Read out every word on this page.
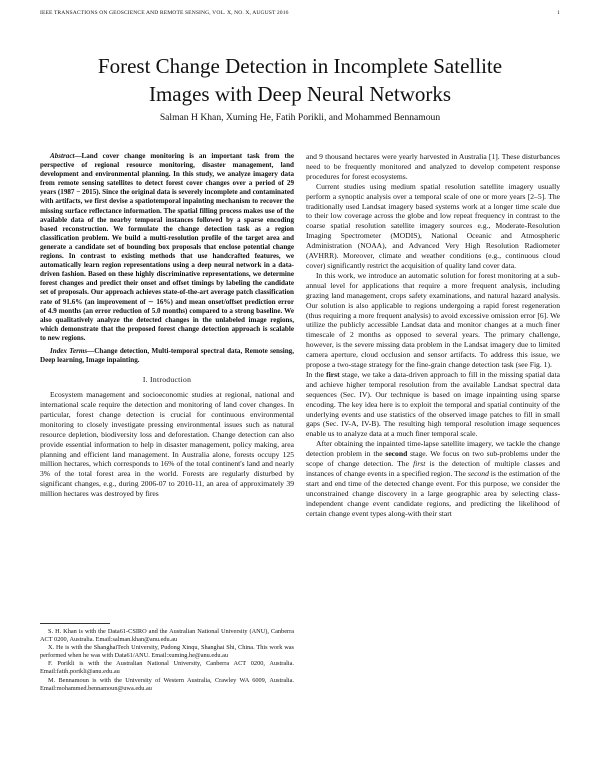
IEEE TRANSACTIONS ON GEOSCIENCE AND REMOTE SENSING, VOL. X, NO. X, AUGUST 2016	1
Forest Change Detection in Incomplete Satellite
Images with Deep Neural Networks
Salman H Khan, Xuming He, Fatih Porikli, and Mohammed Bennamoun

Abstract—Land cover change monitoring is an important task from the perspective of regional resource monitoring, disaster management, land development and environmental planning. In this study, we analyze imagery data from remote sensing satellites to detect forest cover changes over a period of 29 years (1987 − 2015). Since the original data is severely incomplete and contaminated with artifacts, we first devise a spatiotemporal inpainting mechanism to recover the missing surface reflectance information. The spatial filling process makes use of the available data of the nearby temporal instances followed by a sparse encoding based reconstruction. We formulate the change detection task as a region classification problem. We build a multi-resolution profile of the target area and generate a candidate set of bounding box proposals that enclose potential change regions. In contrast to existing methods that use handcrafted features, we automatically learn region representations using a deep neural network in a data-driven fashion. Based on these highly discriminative representations, we determine forest changes and predict their onset and offset timings by labeling the candidate set of proposals. Our approach achieves state-of-the-art average patch classification rate of 91.6% (an improvement of ∼ 16%) and mean onset/offset prediction error of 4.9 months (an error reduction of 5.0 months) compared to a strong baseline. We also qualitatively analyze the detected changes in the unlabeled image regions, which demonstrate that the proposed forest change detection approach is scalable to new regions.

Index Terms—Change detection, Multi-temporal spectral data, Remote sensing, Deep learning, Image inpainting.

I. Introduction

Ecosystem management and socioeconomic studies at regional, national and international scale require the detection and monitoring of land cover changes. In particular, forest change detection is crucial for continuous environmental monitoring to closely investigate pressing environmental issues such as natural resource depletion, biodiversity loss and deforestation. Change detection can also provide essential information to help in disaster management, policy making, area planning and efficient land management. In Australia alone, forests occupy 125 million hectares, which corresponds to 16% of the total continent's land and nearly 3% of the total forest area in the world. Forests are regularly disturbed by significant changes, e.g., during 2006-07 to 2010-11, an area of approximately 39 million hectares was destroyed by fires

S. H. Khan is with the Data61-CSIRO and the Australian National University (ANU), Canberra ACT 0200, Australia. Email:salman.khan@anu.edu.au

X. He is with the ShanghaiTech University, Pudong Xinqu, Shanghai Shi, China. This work was performed when he was with Data61/ANU. Email:xuming.he@anu.edu.au

F. Porikli is with the Australian National University, Canberra ACT 0200, Australia. Email:fatih.porikli@anu.edu.au

M. Bennamoun is with the University of Western Australia, Crawley WA 6009, Australia. Email:mohammed.bennamoun@uwa.edu.au

and 9 thousand hectares were yearly harvested in Australia [1]. These disturbances need to be frequently monitored and analyzed to develop competent response procedures for forest ecosystems.

Current studies using medium spatial resolution satellite imagery usually perform a synoptic analysis over a temporal scale of one or more years [2–5]. The traditionally used Landsat imagery based systems work at a longer time scale due to their low coverage across the globe and low repeat frequency in contrast to the coarse spatial resolution satellite imagery sources e.g., Moderate-Resolution Imaging Spectrometer (MODIS), National Oceanic and Atmospheric Administration (NOAA), and Advanced Very High Resolution Radiometer (AVHRR). Moreover, climate and weather conditions (e.g., continuous cloud cover) significantly restrict the acquisition of quality land cover data.

In this work, we introduce an automatic solution for forest monitoring at a sub-annual level for applications that require a more frequent analysis, including grazing land management, crops safety examinations, and natural hazard analysis. Our solution is also applicable to regions undergoing a rapid forest regeneration (thus requiring a more frequent analysis) to avoid excessive omission error [6]. We utilize the publicly accessible Landsat data and monitor changes at a much finer timescale of 2 months as opposed to several years. The primary challenge, however, is the severe missing data problem in the Landsat imagery due to limited camera aperture, cloud occlusion and sensor artifacts. To address this issue, we propose a two-stage strategy for the fine-grain change detection task (see Fig. 1).

In the first stage, we take a data-driven approach to fill in the missing spatial data and achieve higher temporal resolution from the available Landsat spectral data sequences (Sec. IV). Our technique is based on image inpainting using sparse encoding. The key idea here is to exploit the temporal and spatial continuity of the underlying events and use statistics of the observed image patches to fill in small gaps (Sec. IV-A, IV-B). The resulting high temporal resolution image sequences enable us to analyze data at a much finer temporal scale.

After obtaining the inpainted time-lapse satellite imagery, we tackle the change detection problem in the second stage. We focus on two sub-problems under the scope of change detection. The first is the detection of multiple classes and instances of change events in a specified region. The second is the estimation of the start and end time of the detected change event. For this purpose, we consider the unconstrained change discovery in a large geographic area by selecting class-independent change event candidate regions, and predicting the likelihood of certain change event types along-with their start
